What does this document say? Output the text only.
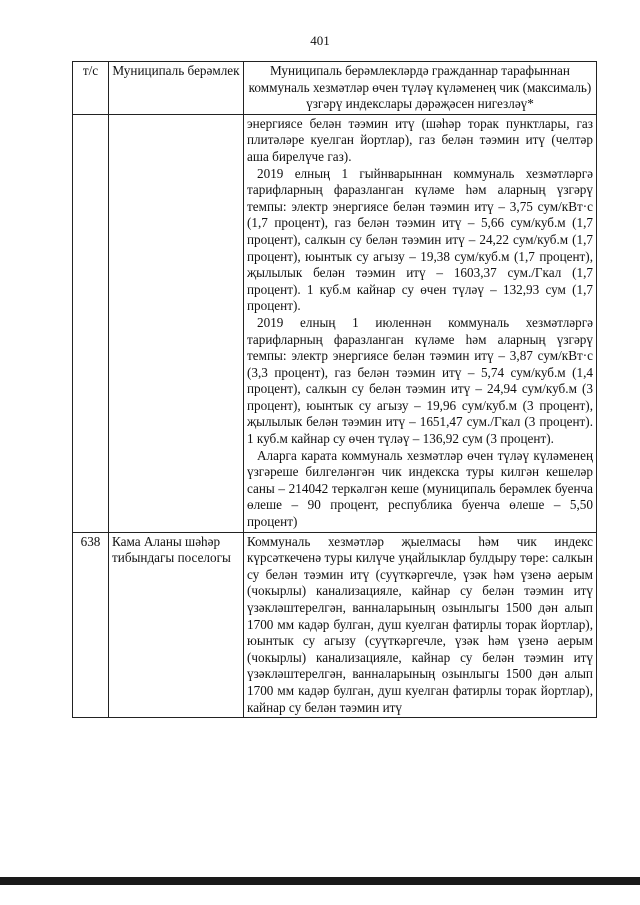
401
т/с	Муниципаль берәмлек	Муниципаль берәмлекләрдә гражданнар тарафыннан коммуналь хезмәтләр өчен түләү күләменең чик (максималь) үзгәрү индекслары дәрәҗәсен нигезләү*

		энергиясе белән тәэмин итү (шәһәр торак пунктлары, газ плитәләре куелган йортлар), газ белән тәэмин итү (челтәр аша бирелүче газ).

2019 елның 1 гыйнварыннан коммуналь хезмәтләргә тарифларның фаразланган күләме һәм аларның үзгәрү темпы: электр энергиясе белән тәэмин итү – 3,75 сум/кВт·с (1,7 процент), газ белән тәэмин итү – 5,66 сум/куб.м (1,7 процент), салкын су белән тәэмин итү – 24,22 сум/куб.м (1,7 процент), юынтык су агызу – 19,38 сум/куб.м (1,7 процент), җылылык белән тәэмин итү – 1603,37 сум./Гкал (1,7 процент). 1 куб.м кайнар су өчен түләү – 132,93 сум (1,7 процент).

2019 елның 1 июленнән коммуналь хезмәтләргә тарифларның фаразланган күләме һәм аларның үзгәрү темпы: электр энергиясе белән тәэмин итү – 3,87 сум/кВт·с (3,3 процент), газ белән тәэмин итү – 5,74 сум/куб.м (1,4 процент), салкын су белән тәэмин итү – 24,94 сум/куб.м (3 процент), юынтык су агызу – 19,96 сум/куб.м (3 процент), җылылык белән тәэмин итү – 1651,47 сум./Гкал (3 процент). 1 куб.м кайнар су өчен түләү – 136,92 сум (3 процент).

Аларга карата коммуналь хезмәтләр өчен түләү күләменең үзгәреше билгеләнгән чик индекска туры килгән кешеләр саны – 214042 теркәлгән кеше (муниципаль берәмлек буенча өлеше – 90 процент, республика буенча өлеше – 5,50 процент)

638	Кама Аланы шәһәр тибындагы поселогы	Коммуналь хезмәтләр җыелмасы һәм чик индекс күрсәткеченә туры килүче уңайлыклар булдыру төре: салкын су белән тәэмин итү (суүткәргечле, үзәк һәм үзенә аерым (чокырлы) канализацияле, кайнар су белән тәэмин итү үзәкләштерелгән, ванналарының озынлыгы 1500 дән алып 1700 мм кадәр булган, душ куелган фатирлы торак йортлар), юынтык су агызу (суүткәргечле, үзәк һәм үзенә аерым (чокырлы) канализацияле, кайнар су белән тәэмин итү үзәкләштерелгән, ванналарының озынлыгы 1500 дән алып 1700 мм кадәр булган, душ куелган фатирлы торак йортлар), кайнар су белән тәэмин итү
